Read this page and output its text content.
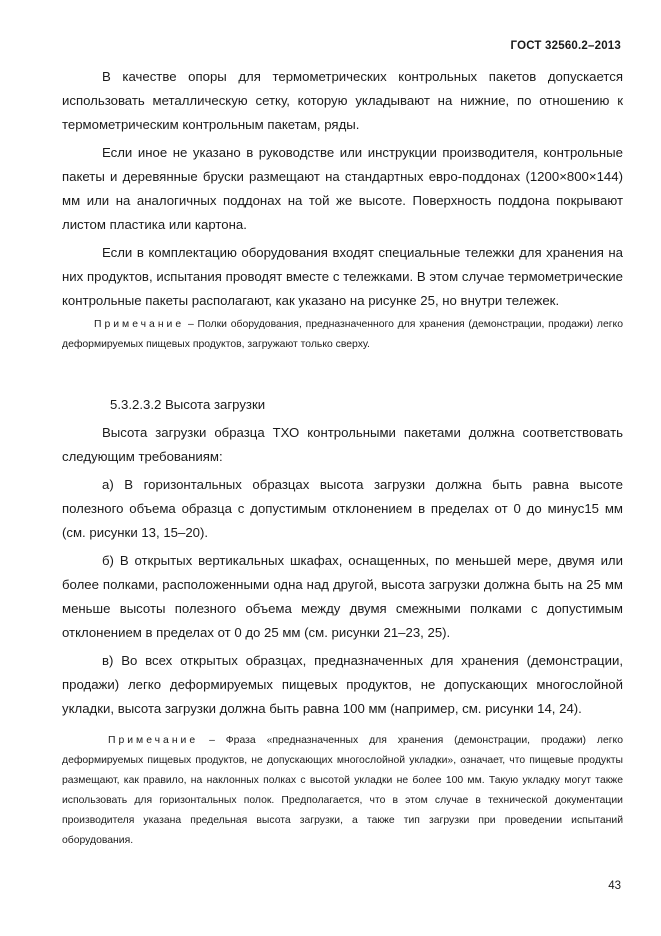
ГОСТ 32560.2–2013

В качестве опоры для термометрических контрольных пакетов допускается использовать металлическую сетку, которую укладывают на нижние, по отношению к термометрическим контрольным пакетам, ряды.

Если иное не указано в руководстве или инструкции производителя, контрольные пакеты и деревянные бруски размещают на стандартных евро-поддонах (1200×800×144) мм или на аналогичных поддонах на той же высоте. Поверхность поддона покрывают листом пластика или картона.

Если в комплектацию оборудования входят специальные тележки для хранения на них продуктов, испытания проводят вместе с тележками. В этом случае термометрические контрольные пакеты располагают, как указано на рисунке 25, но внутри тележек.

Примечание – Полки оборудования, предназначенного для хранения (демонстрации, продажи) легко деформируемых пищевых продуктов, загружают только сверху.

5.3.2.3.2 Высота загрузки

Высота загрузки образца ТХО контрольными пакетами должна соответствовать следующим требованиям:

а) В горизонтальных образцах высота загрузки должна быть равна высоте полезного объема образца с допустимым отклонением в пределах от 0 до минус15 мм (см. рисунки 13, 15–20).

б) В открытых вертикальных шкафах, оснащенных, по меньшей мере, двумя или более полками, расположенными одна над другой, высота загрузки должна быть на 25 мм меньше высоты полезного объема между двумя смежными полками с допустимым отклонением в пределах от 0 до 25 мм (см. рисунки 21–23, 25).

в) Во всех открытых образцах, предназначенных для хранения (демонстрации, продажи) легко деформируемых пищевых продуктов, не допускающих многослойной укладки, высота загрузки должна быть равна 100 мм (например, см. рисунки 14, 24).

Примечание – Фраза «предназначенных для хранения (демонстрации, продажи) легко деформируемых пищевых продуктов, не допускающих многослойной укладки», означает, что пищевые продукты размещают, как правило, на наклонных полках с высотой укладки не более 100 мм. Такую укладку могут также использовать для горизонтальных полок. Предполагается, что в этом случае в технической документации производителя указана предельная высота загрузки, а также тип загрузки при проведении испытаний оборудования.

43
